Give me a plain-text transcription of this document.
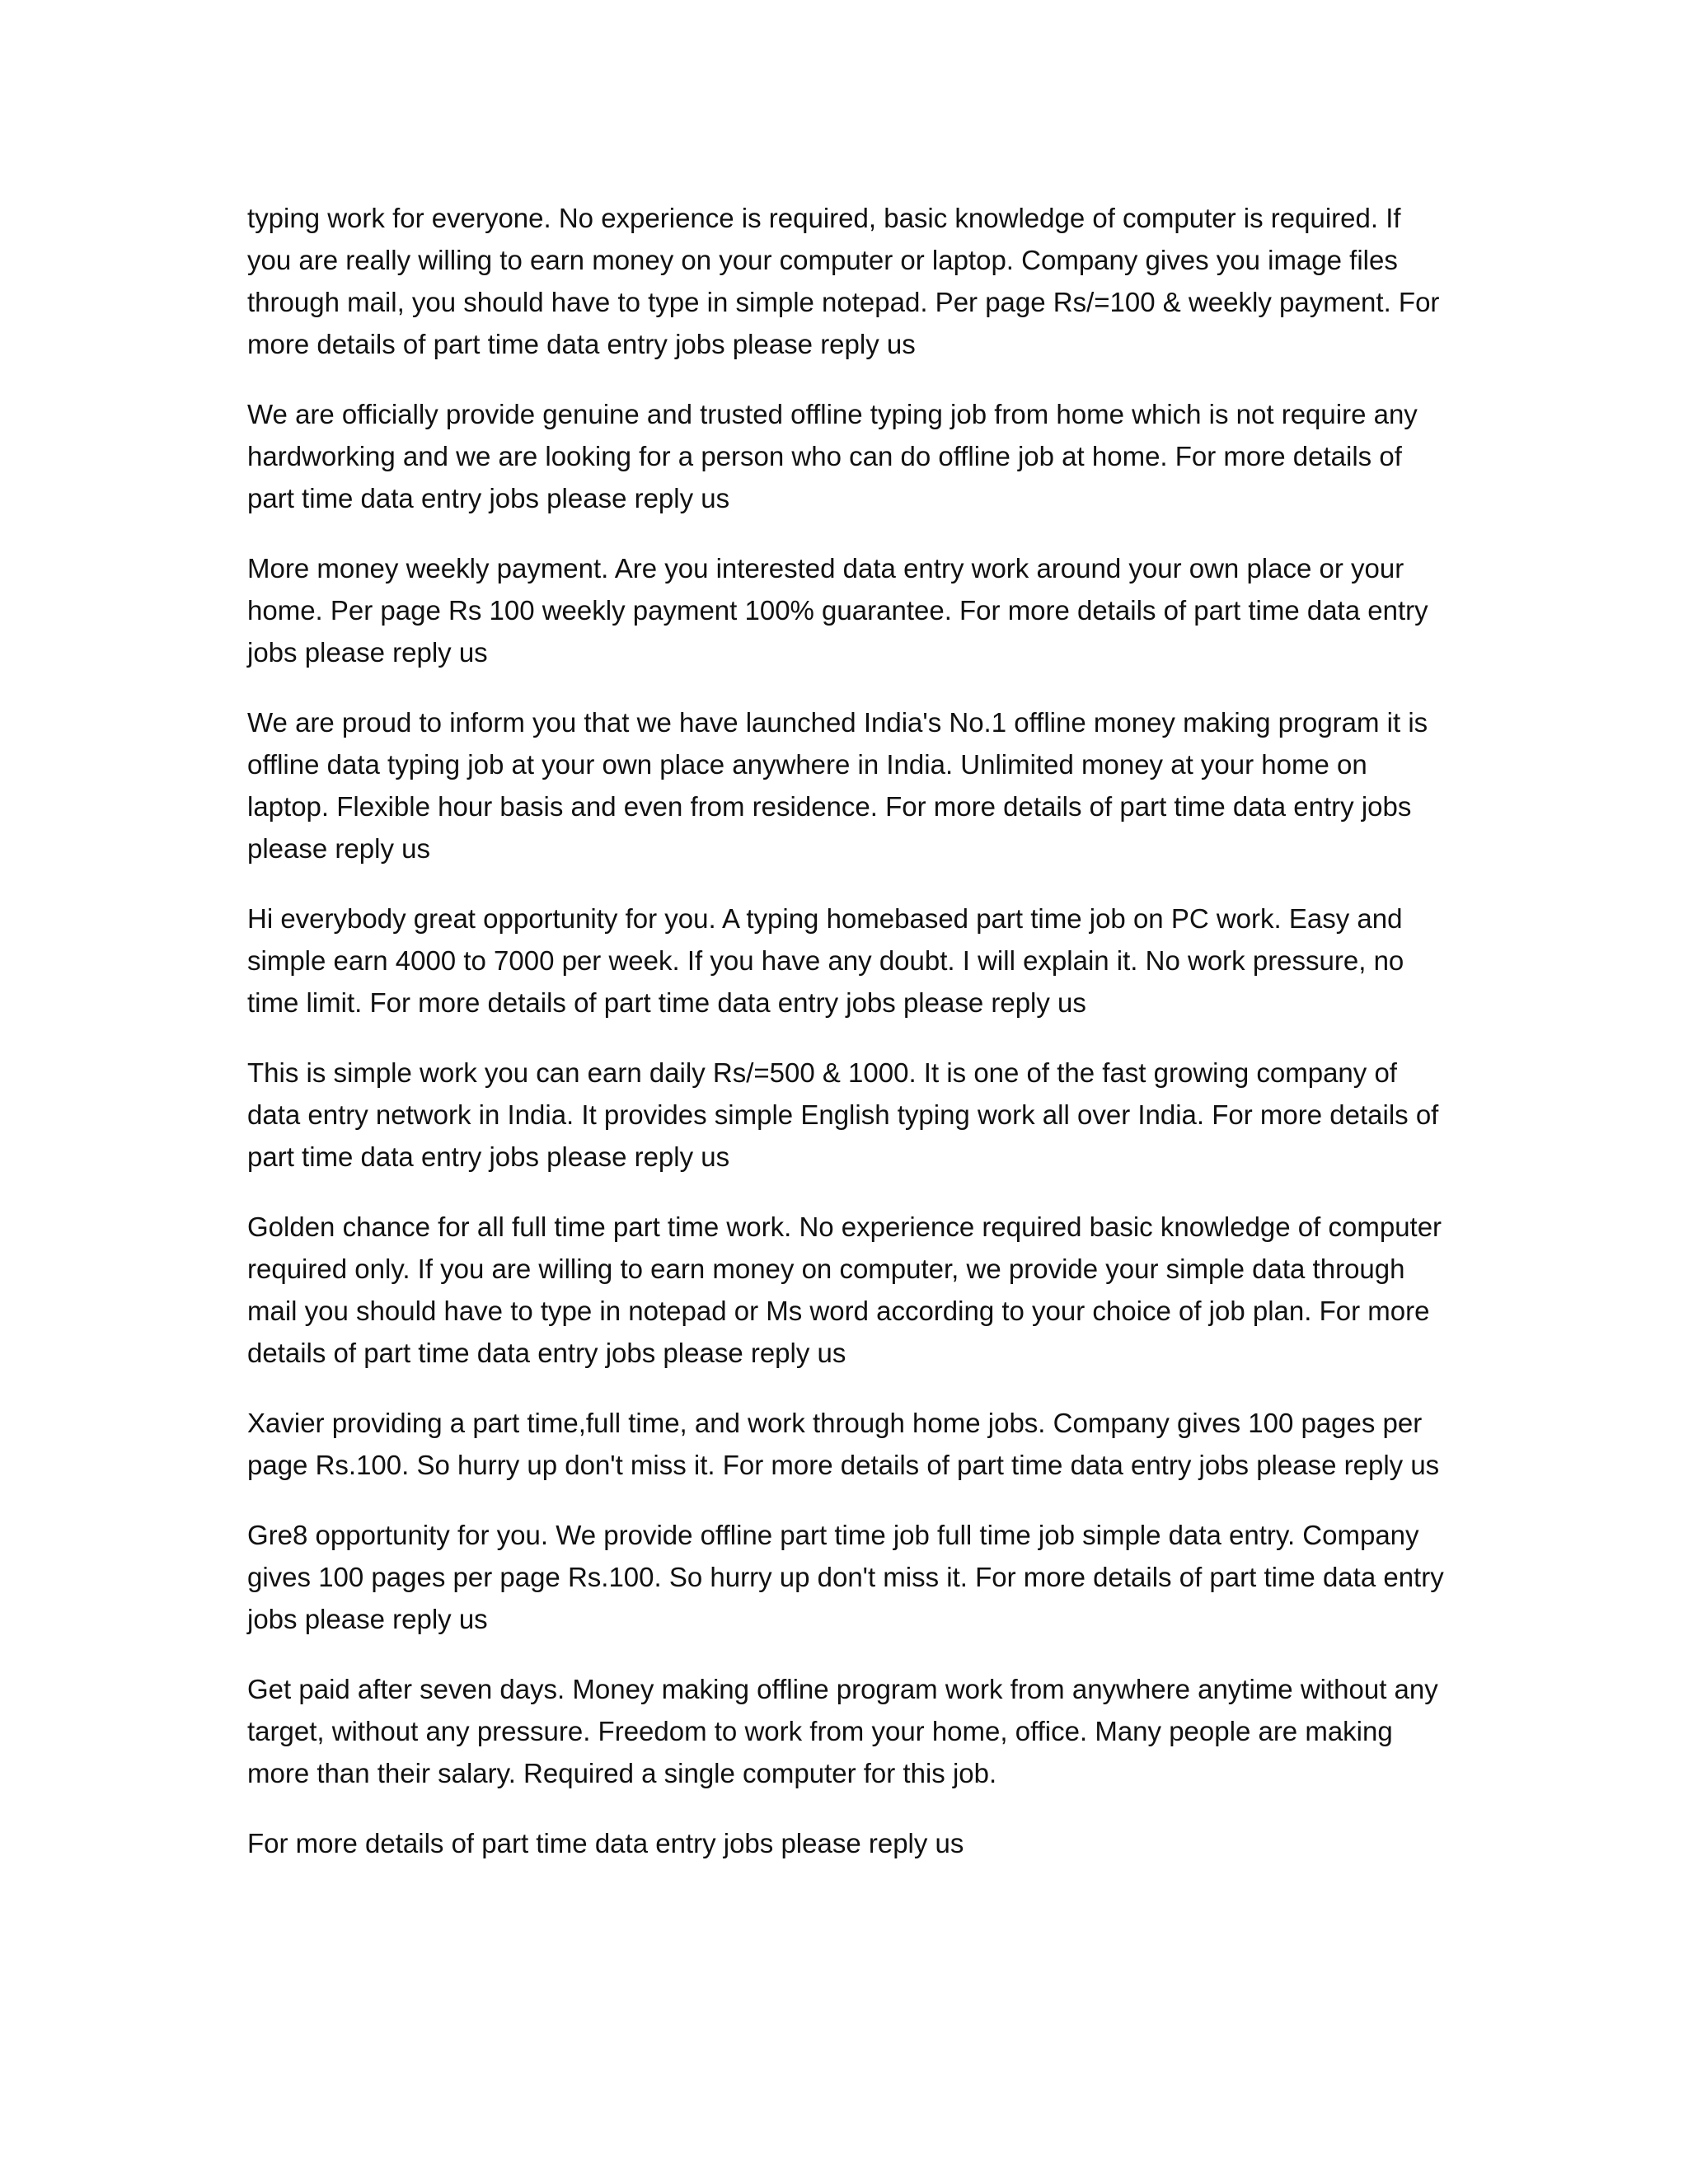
typing work for everyone. No experience is required, basic knowledge of computer is required. If you are really willing to earn money on your computer or laptop. Company gives you image files through mail, you should have to type in simple notepad. Per page Rs/=100 & weekly payment. For more details of part time data entry jobs please reply us

We are officially provide genuine and trusted offline typing job from home which is not require any hardworking and we are looking for a person who can do offline job at home. For more details of part time data entry jobs please reply us

More money weekly payment. Are you interested data entry work around your own place or your home. Per page Rs 100 weekly payment 100% guarantee. For more details of part time data entry jobs please reply us

We are proud to inform you that we have launched India's No.1 offline money making program it is offline data typing job at your own place anywhere in India. Unlimited money at your home on laptop. Flexible hour basis and even from residence. For more details of part time data entry jobs please reply us

Hi everybody great opportunity for you. A typing homebased part time job on PC work. Easy and simple earn 4000 to 7000 per week. If you have any doubt. I will explain it. No work pressure, no time limit. For more details of part time data entry jobs please reply us

This is simple work you can earn daily Rs/=500 & 1000. It is one of the fast growing company of data entry network in India. It provides simple English typing work all over India. For more details of part time data entry jobs please reply us

Golden chance for all full time part time work. No experience required basic knowledge of computer required only. If you are willing to earn money on computer, we provide your simple data through mail you should have to type in notepad or Ms word according to your choice of job plan. For more details of part time data entry jobs please reply us

Xavier providing a part time,full time, and work through home jobs. Company gives 100 pages per page Rs.100. So hurry up don't miss it. For more details of part time data entry jobs please reply us

Gre8 opportunity for you. We provide offline part time job full time job simple data entry. Company gives 100 pages per page Rs.100. So hurry up don't miss it. For more details of part time data entry jobs please reply us

Get paid after seven days. Money making offline program work from anywhere anytime without any target, without any pressure. Freedom to work from your home, office. Many people are making more than their salary. Required a single computer for this job.

For more details of part time data entry jobs please reply us
